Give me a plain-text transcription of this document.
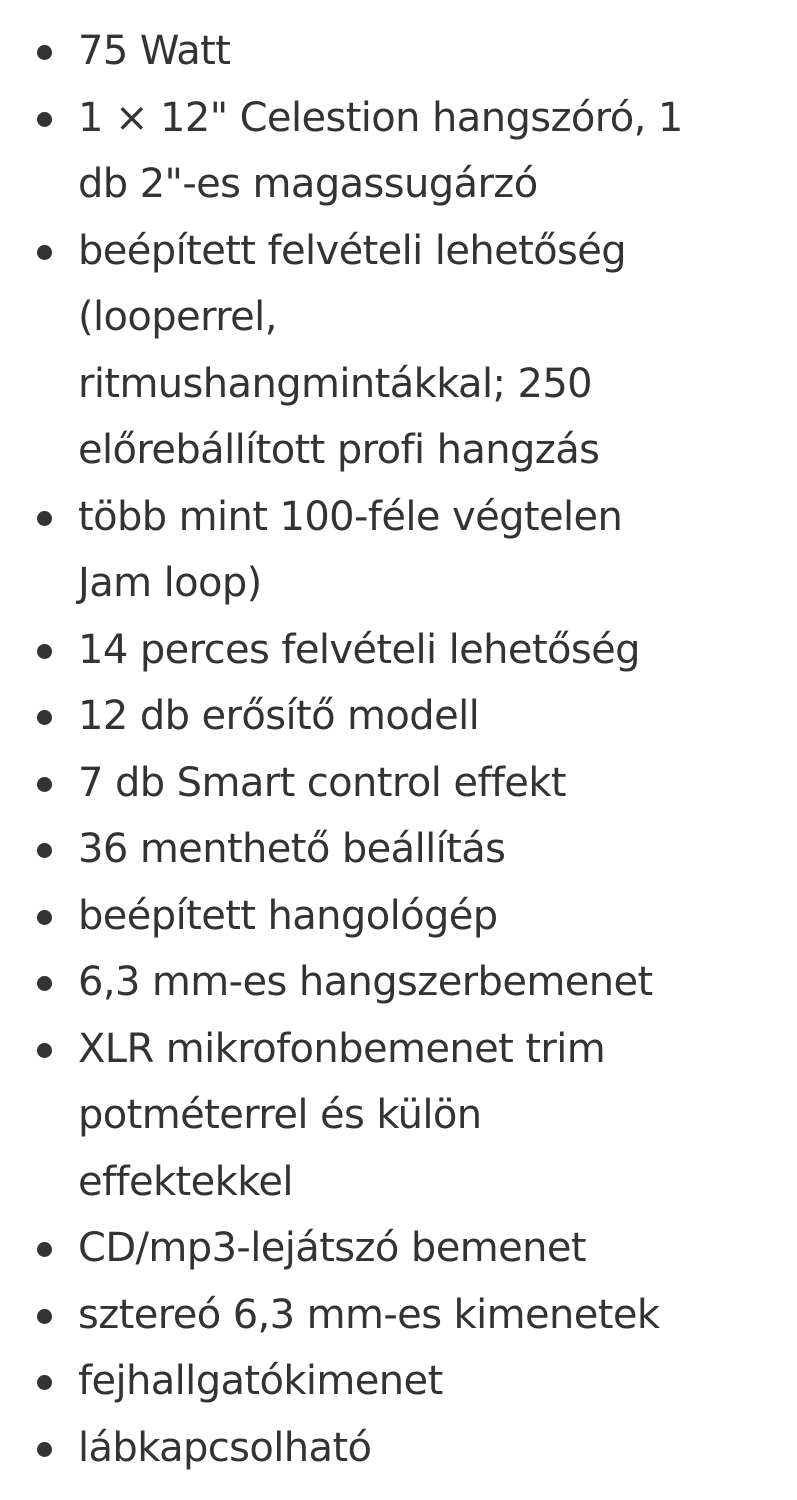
75 Watt
1 × 12" Celestion hangszóró, 1
db 2"-es magassugárzó
beépített felvételi lehetőség
(looperrel,
ritmushangmintákkal; 250
előrebállított profi hangzás
több mint 100-féle végtelen
Jam loop)
14 perces felvételi lehetőség
12 db erősítő modell
7 db Smart control effekt
36 menthető beállítás
beépített hangológép
6,3 mm-es hangszerbemenet
XLR mikrofonbemenet trim
potméterrel és külön
effektekkel
CD/mp3-lejátszó bemenet
sztereó 6,3 mm-es kimenetek
fejhallgatókimenet
lábkapcsolható
